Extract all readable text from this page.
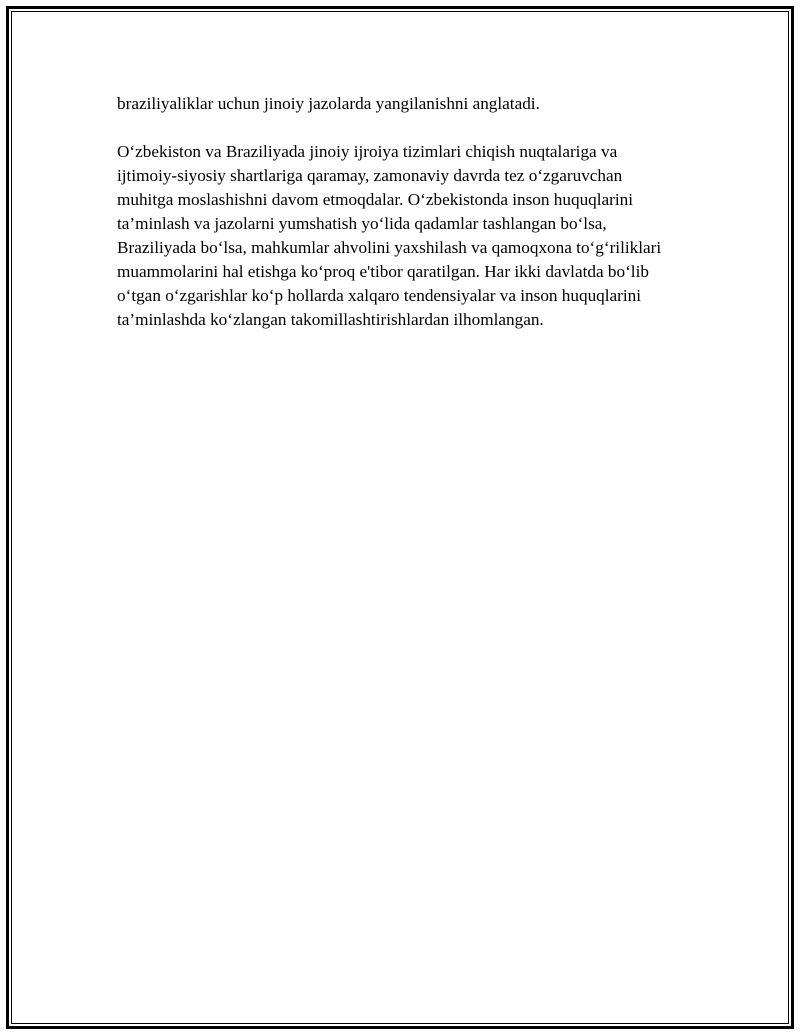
braziliyaliklar uchun jinoiy jazolarda yangilanishni anglatadi.

O‘zbekiston va Braziliyada jinoiy ijroiya tizimlari chiqish nuqtalariga va ijtimoiy-siyosiy shartlariga qaramay, zamonaviy davrda tez o‘zgaruvchan muhitga moslashishni davom etmoqdalar. O‘zbekistonda inson huquqlarini ta’minlash va jazolarni yumshatish yo‘lida qadamlar tashlangan bo‘lsa, Braziliyada bo‘lsa, mahkumlar ahvolini yaxshilash va qamoqxona to‘g‘riliklari muammolarini hal etishga ko‘proq e'tibor qaratilgan. Har ikki davlatda bo‘lib o‘tgan o‘zgarishlar ko‘p hollarda xalqaro tendensiyalar va inson huquqlarini ta’minlashda ko‘zlangan takomillashtirishlardan ilhomlangan.
